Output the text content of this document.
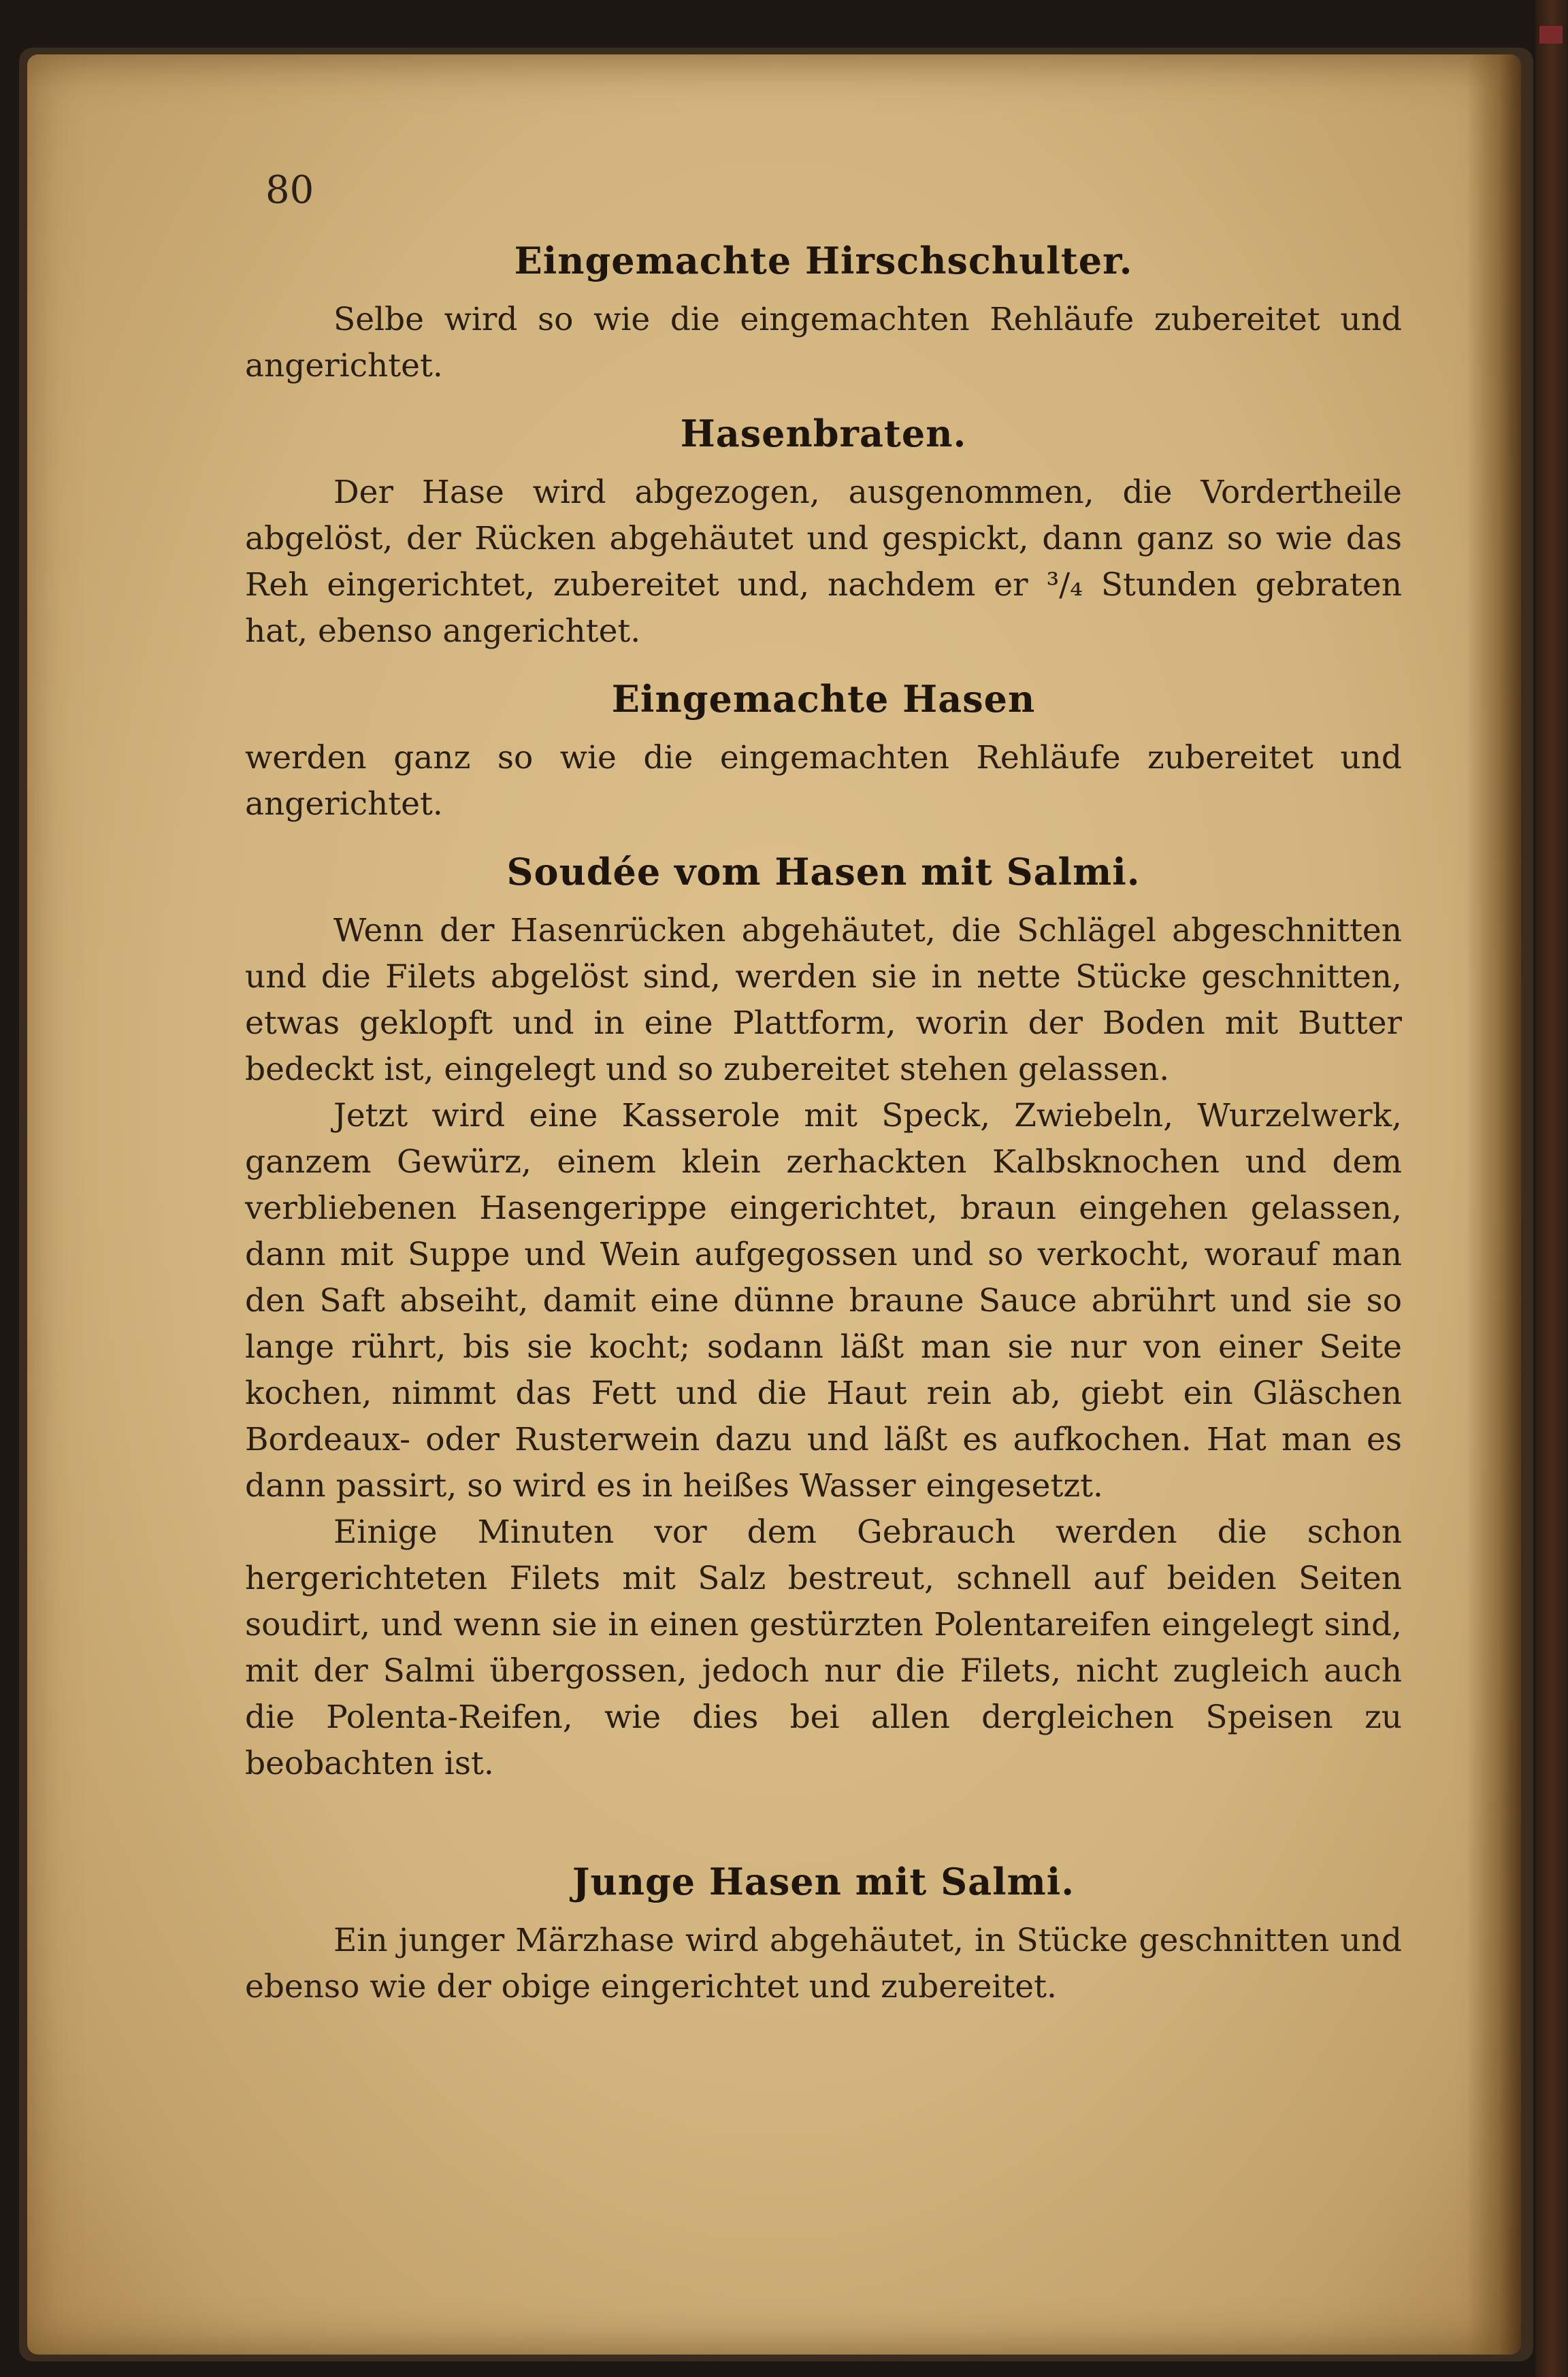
80
Eingemachte Hirschschulter.

Selbe wird so wie die eingemachten Rehläufe zubereitet und angerichtet.

Hasenbraten.

Der Hase wird abgezogen, ausgenommen, die Vordertheile abgelöst, der Rücken abgehäutet und gespickt, dann ganz so wie das Reh eingerichtet, zubereitet und, nachdem er ³/₄ Stunden gebraten hat, ebenso angerichtet.

Eingemachte Hasen

werden ganz so wie die eingemachten Rehläufe zubereitet und angerichtet.

Soudée vom Hasen mit Salmi.

Wenn der Hasenrücken abgehäutet, die Schlägel abgeschnitten und die Filets abgelöst sind, werden sie in nette Stücke geschnitten, etwas geklopft und in eine Plattform, worin der Boden mit Butter bedeckt ist, eingelegt und so zubereitet stehen gelassen.

Jetzt wird eine Kasserole mit Speck, Zwiebeln, Wurzelwerk, ganzem Gewürz, einem klein zerhackten Kalbsknochen und dem verbliebenen Hasengerippe eingerichtet, braun eingehen gelassen, dann mit Suppe und Wein aufgegossen und so verkocht, worauf man den Saft abseiht, damit eine dünne braune Sauce abrührt und sie so lange rührt, bis sie kocht; sodann läßt man sie nur von einer Seite kochen, nimmt das Fett und die Haut rein ab, giebt ein Gläschen Bordeaux- oder Rusterwein dazu und läßt es aufkochen. Hat man es dann passirt, so wird es in heißes Wasser eingesetzt.

Einige Minuten vor dem Gebrauch werden die schon hergerichteten Filets mit Salz bestreut, schnell auf beiden Seiten soudirt, und wenn sie in einen gestürzten Polentareifen eingelegt sind, mit der Salmi übergossen, jedoch nur die Filets, nicht zugleich auch die Polenta-Reifen, wie dies bei allen dergleichen Speisen zu beobachten ist.

Junge Hasen mit Salmi.

Ein junger Märzhase wird abgehäutet, in Stücke geschnitten und ebenso wie der obige eingerichtet und zubereitet.
